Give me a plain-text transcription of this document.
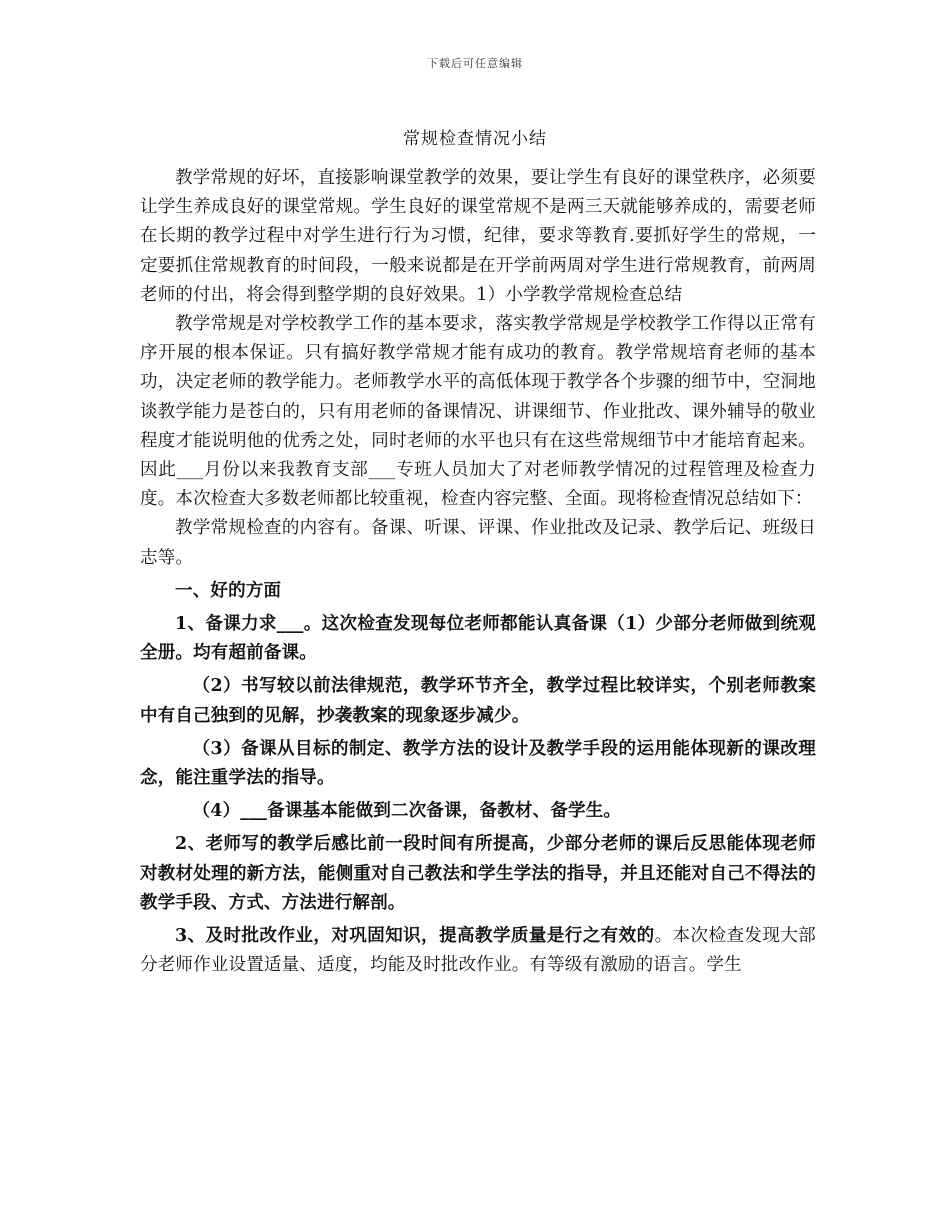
下载后可任意编辑
常规检查情况小结

教学常规的好坏，直接影响课堂教学的效果，要让学生有良好的课堂秩序，必须要让学生养成良好的课堂常规。学生良好的课堂常规不是两三天就能够养成的，需要老师在长期的教学过程中对学生进行行为习惯，纪律，要求等教育.要抓好学生的常规，一定要抓住常规教育的时间段，一般来说都是在开学前两周对学生进行常规教育，前两周老师的付出，将会得到整学期的良好效果。1）小学教学常规检查总结

教学常规是对学校教学工作的基本要求，落实教学常规是学校教学工作得以正常有序开展的根本保证。只有搞好教学常规才能有成功的教育。教学常规培育老师的基本功，决定老师的教学能力。老师教学水平的高低体现于教学各个步骤的细节中，空洞地谈教学能力是苍白的，只有用老师的备课情况、讲课细节、作业批改、课外辅导的敬业程度才能说明他的优秀之处，同时老师的水平也只有在这些常规细节中才能培育起来。因此___月份以来我教育支部___专班人员加大了对老师教学情况的过程管理及检查力度。本次检查大多数老师都比较重视，检查内容完整、全面。现将检查情况总结如下：

教学常规检查的内容有。备课、听课、评课、作业批改及记录、教学后记、班级日志等。

一、好的方面

1、备课力求___。这次检查发现每位老师都能认真备课（1）少部分老师做到统观全册。均有超前备课。

（2）书写较以前法律规范，教学环节齐全，教学过程比较详实，个别老师教案中有自己独到的见解，抄袭教案的现象逐步减少。

（3）备课从目标的制定、教学方法的设计及教学手段的运用能体现新的课改理念，能注重学法的指导。

（4）___备课基本能做到二次备课，备教材、备学生。

2、老师写的教学后感比前一段时间有所提高，少部分老师的课后反思能体现老师对教材处理的新方法，能侧重对自己教法和学生学法的指导，并且还能对自己不得法的教学手段、方式、方法进行解剖。

3、及时批改作业，对巩固知识，提高教学质量是行之有效的。本次检查发现大部分老师作业设置适量、适度，均能及时批改作业。有等级有激励的语言。学生
